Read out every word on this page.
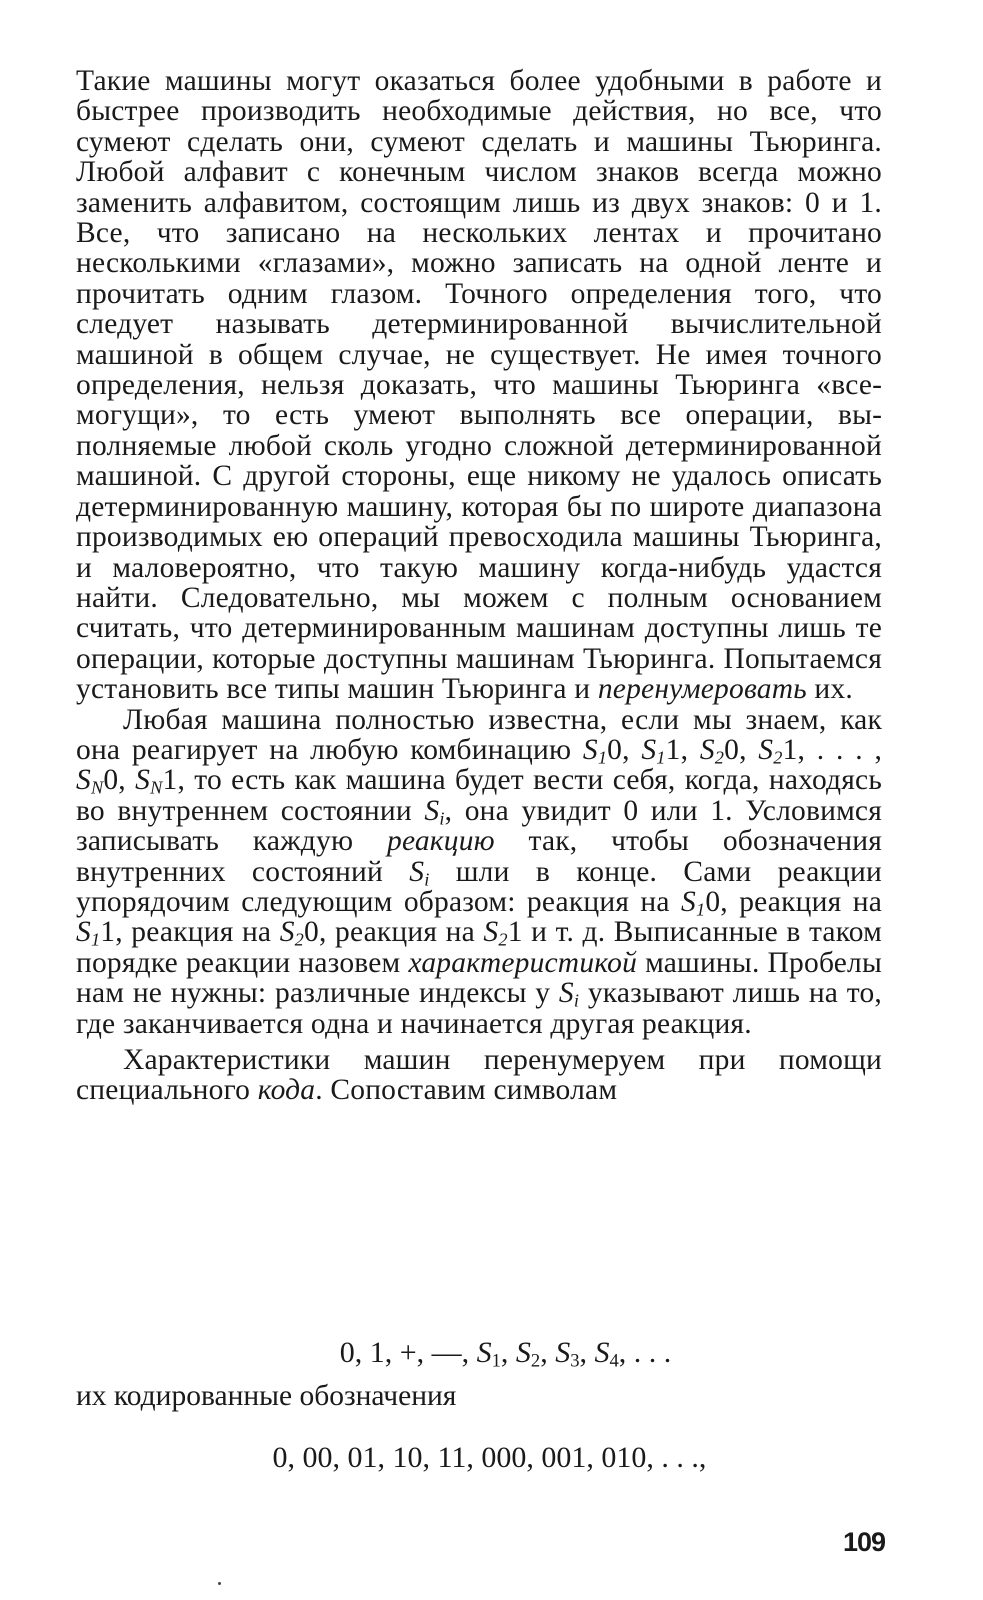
Такие машины могут оказаться более удобными в работе и быстрее производить необходимые действия, но все, что сумеют сделать они, сумеют сделать и машины Тьюринга. Любой алфавит с конечным числом знаков всегда можно заменить алфавитом, состоящим лишь из двух знаков: 0 и 1. Все, что записано на нескольких лентах и прочитано несколькими «глазами», можно записать на одной ленте и прочитать одним глазом. Точного определения того, что следует называть детерминированной вычислительной машиной в общем случае, не существует. Не имея точного определения, нельзя доказать, что машины Тьюринга «всемогущи», то есть умеют выполнять все операции, выполняемые любой сколь угодно сложной детерминированной машиной. С другой стороны, еще никому не удалось описать детерминированную машину, которая бы по широте диапазона производимых ею операций превосходила машины Тьюринга, и маловероятно, что такую машину когда-нибудь удастся найти. Следовательно, мы можем с полным основанием считать, что детерминированным машинам доступны лишь те операции, которые доступны машинам Тьюринга. Попытаемся установить все типы машин Тьюринга и перенумеровать их.

Любая машина полностью известна, если мы знаем, как она реагирует на любую комбинацию $S_10$, $S_11$, $S_20$, $S_21$, . . . , $S_N0$, $S_N1$, то есть как машина будет вести себя, когда, находясь во внутреннем состоянии $S_i$, она увидит 0 или 1. Условимся записывать каждую реакцию так, чтобы обозначения внутренних состояний $S_i$ шли в конце. Сами реакции упорядочим следующим образом: реакция на $S_10$, реакция на $S_11$, реакция на $S_20$, реакция на $S_21$ и т. д. Выписанные в таком порядке реакции назовем характеристикой машины. Пробелы нам не нужны: различные индексы у $S_i$ указывают лишь на то, где заканчивается одна и начинается другая реакция.

Характеристики машин перенумеруем при помощи специального кода. Сопоставим символам

0, 1, +, —, $S_1$, $S_2$, $S_3$, $S_4$, . . .
их кодированные обозначения
0, 00, 01, 10, 11, 000, 001, 010, . . .,
109
